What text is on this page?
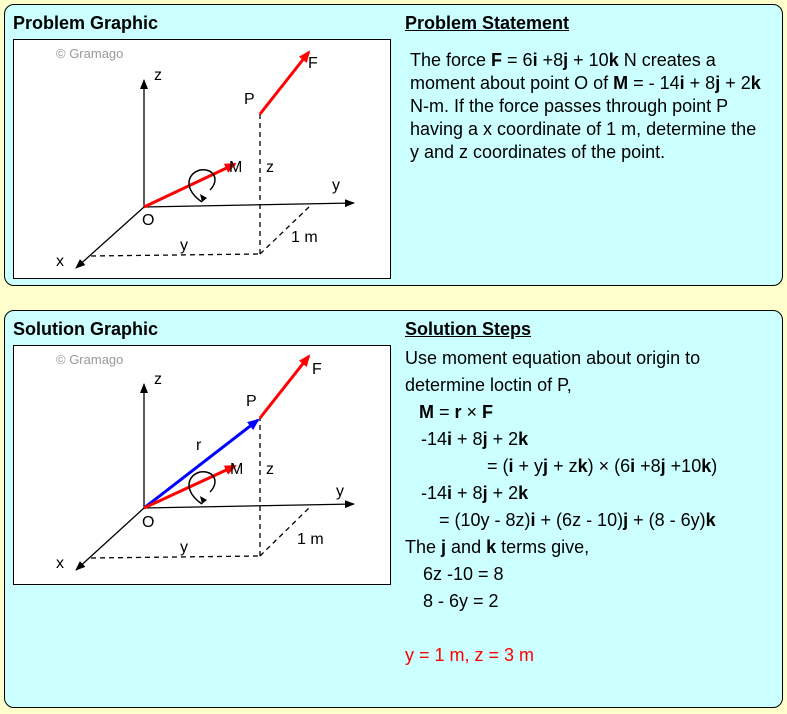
Problem Graphic	Problem Statement
© Gramago
z
y
x
O
P
F
M z
y	1 m
The force F = 6i +8j + 10k N creates a moment about point O of M = - 14i + 8j + 2k N-m. If the force passes through point P having a x coordinate of 1 m, determine the y and z coordinates of the point.
Solution Graphic	Solution Steps
© Gramago
z
y
x
O
P
F
M
r
z
y	1 m
Use moment equation about origin to
determine loctin of P,
M = r × F
-14i + 8j + 2k
= (i + yj + zk) × (6i +8j +10k)
-14i + 8j + 2k
= (10y - 8z)i + (6z - 10)j + (8 - 6y)k
The j and k terms give,
6z -10 = 8
8 - 6y = 2
y = 1 m, z = 3 m
